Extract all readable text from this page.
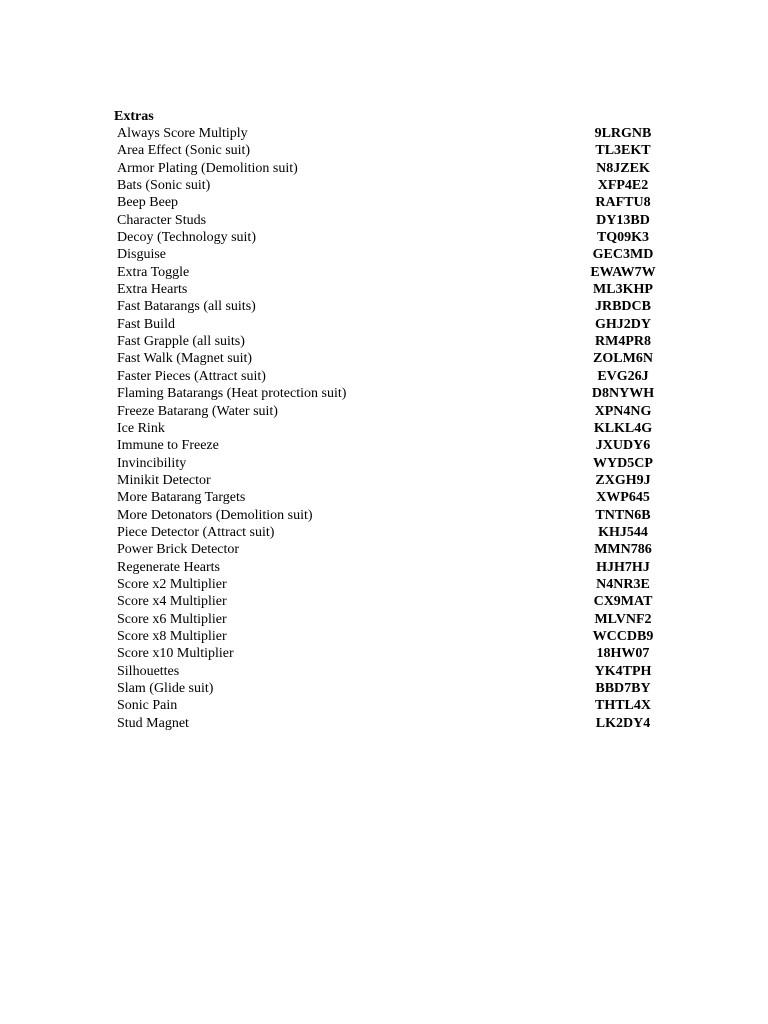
Extras
Always Score Multiply	9LRGNB
Area Effect (Sonic suit)	TL3EKT
Armor Plating (Demolition suit)	N8JZEK
Bats (Sonic suit)	XFP4E2
Beep Beep	RAFTU8
Character Studs	DY13BD
Decoy (Technology suit)	TQ09K3
Disguise	GEC3MD
Extra Toggle	EWAW7W
Extra Hearts	ML3KHP
Fast Batarangs (all suits)	JRBDCB
Fast Build	GHJ2DY
Fast Grapple (all suits)	RM4PR8
Fast Walk (Magnet suit)	ZOLM6N
Faster Pieces (Attract suit)	EVG26J
Flaming Batarangs (Heat protection suit)	D8NYWH
Freeze Batarang (Water suit)	XPN4NG
Ice Rink	KLKL4G
Immune to Freeze	JXUDY6
Invincibility	WYD5CP
Minikit Detector	ZXGH9J
More Batarang Targets	XWP645
More Detonators (Demolition suit)	TNTN6B
Piece Detector (Attract suit)	KHJ544
Power Brick Detector	MMN786
Regenerate Hearts	HJH7HJ
Score x2 Multiplier	N4NR3E
Score x4 Multiplier	CX9MAT
Score x6 Multiplier	MLVNF2
Score x8 Multiplier	WCCDB9
Score x10 Multiplier	18HW07
Silhouettes	YK4TPH
Slam (Glide suit)	BBD7BY
Sonic Pain	THTL4X
Stud Magnet	LK2DY4
